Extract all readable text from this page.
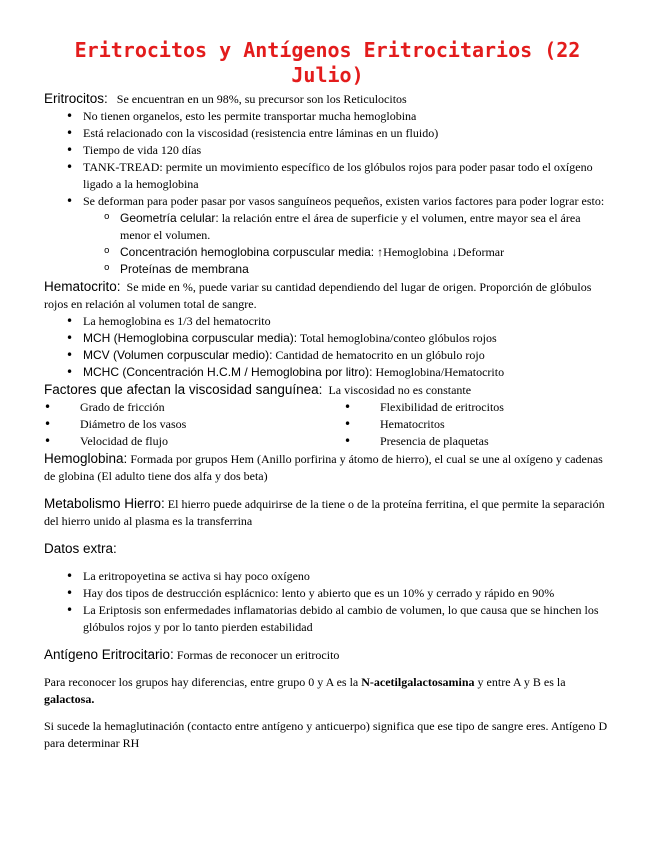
Eritrocitos y Antígenos Eritrocitarios (22 Julio)

Eritrocitos: Se encuentran en un 98%, su precursor son los Reticulocitos

• No tienen organelos, esto les permite transportar mucha hemoglobina
• Está relacionado con la viscosidad (resistencia entre láminas en un fluido)
• Tiempo de vida 120 días
• TANK-TREAD: permite un movimiento específico de los glóbulos rojos para poder pasar todo el oxígeno ligado a la hemoglobina
• Se deforman para poder pasar por vasos sanguíneos pequeños, existen varios factores para poder lograr esto:
o Geometría celular: la relación entre el área de superficie y el volumen, entre mayor sea el área menor el volumen.
o Concentración hemoglobina corpuscular media: ↑Hemoglobina ↓Deformar
o Proteínas de membrana

Hematocrito: Se mide en %, puede variar su cantidad dependiendo del lugar de origen. Proporción de glóbulos rojos en relación al volumen total de sangre.

• La hemoglobina es 1/3 del hematocrito
• MCH (Hemoglobina corpuscular media): Total hemoglobina/conteo glóbulos rojos
• MCV (Volumen corpuscular medio): Cantidad de hematocrito en un glóbulo rojo
• MCHC (Concentración H.C.M / Hemoglobina por litro): Hemoglobina/Hematocrito

Factores que afectan la viscosidad sanguínea: La viscosidad no es constante

• Grado de fricción
• Diámetro de los vasos
• Velocidad de flujo
• Flexibilidad de eritrocitos
• Hematocritos
• Presencia de plaquetas

Hemoglobina: Formada por grupos Hem (Anillo porfirina y átomo de hierro), el cual se une al oxígeno y cadenas de globina (El adulto tiene dos alfa y dos beta)

Metabolismo Hierro: El hierro puede adquirirse de la tiene o de la proteína ferritina, el que permite la separación del hierro unido al plasma es la transferrina

Datos extra:

• La eritropoyetina se activa si hay poco oxígeno
• Hay dos tipos de destrucción esplácnico: lento y abierto que es un 10% y cerrado y rápido en 90%
• La Eriptosis son enfermedades inflamatorias debido al cambio de volumen, lo que causa que se hinchen los glóbulos rojos y por lo tanto pierden estabilidad

Antígeno Eritrocitario: Formas de reconocer un eritrocito

Para reconocer los grupos hay diferencias, entre grupo 0 y A es la N-acetilgalactosamina y entre A y B es la galactosa.

Si sucede la hemaglutinación (contacto entre antígeno y anticuerpo) significa que ese tipo de sangre eres. Antígeno D para determinar RH
